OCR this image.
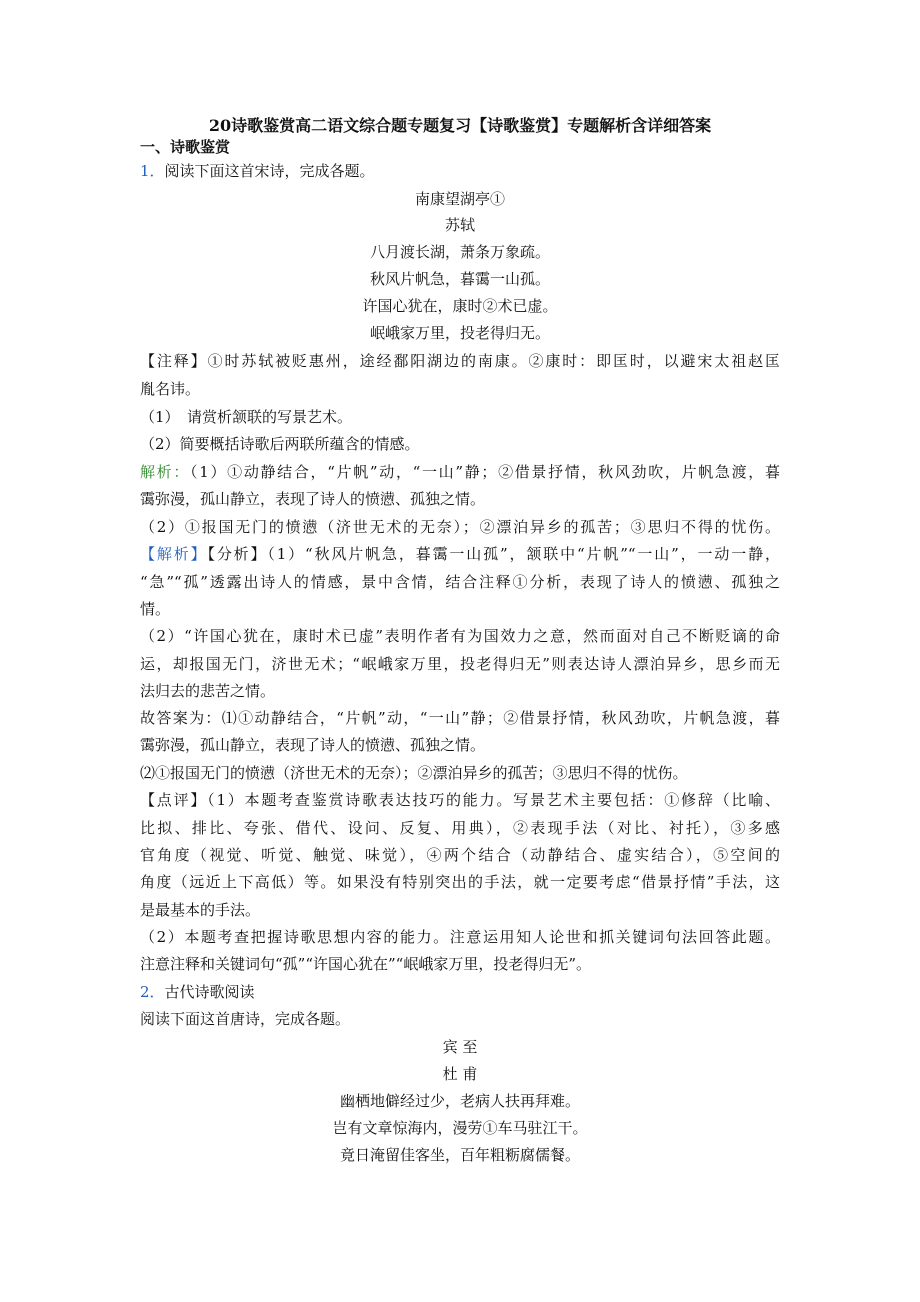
20诗歌鉴赏高二语文综合题专题复习【诗歌鉴赏】专题解析含详细答案
一、诗歌鉴赏
1．阅读下面这首宋诗，完成各题。
南康望湖亭①
苏轼
八月渡长湖，萧条万象疏。
秋风片帆急，暮霭一山孤。
许国心犹在，康时②术已虚。
岷峨家万里，投老得归无。
【注释】①时苏轼被贬惠州，途经鄱阳湖边的南康。②康时：即匡时，以避宋太祖赵匡
胤名讳。
（1）　请赏析颔联的写景艺术。
（2）简要概括诗歌后两联所蕴含的情感。
解析：（1）①动静结合，“片帆”动，“一山”静；②借景抒情，秋风劲吹，片帆急渡，暮
霭弥漫，孤山静立，表现了诗人的愤懑、孤独之情。
（2）①报国无门的愤懑（济世无术的无奈）；②漂泊异乡的孤苦；③思归不得的忧伤。
【解析】【分析】（1）“秋风片帆急，暮霭一山孤”，颔联中“片帆”“一山”，一动一静，
“急”“孤”透露出诗人的情感，景中含情，结合注释①分析，表现了诗人的愤懑、孤独之
情。
（2）“许国心犹在，康时术已虚”表明作者有为国效力之意，然而面对自己不断贬谪的命
运，却报国无门，济世无术；“岷峨家万里，投老得归无”则表达诗人漂泊异乡，思乡而无
法归去的悲苦之情。
故答案为：⑴①动静结合，“片帆”动，“一山”静；②借景抒情，秋风劲吹，片帆急渡，暮
霭弥漫，孤山静立，表现了诗人的愤懑、孤独之情。
⑵①报国无门的愤懑（济世无术的无奈）；②漂泊异乡的孤苦；③思归不得的忧伤。
【点评】（1）本题考查鉴赏诗歌表达技巧的能力。写景艺术主要包括：①修辞（比喻、
比拟、排比、夸张、借代、设问、反复、用典），②表现手法（对比、衬托），③多感
官角度（视觉、听觉、触觉、味觉），④两个结合（动静结合、虚实结合），⑤空间的
角度（远近上下高低）等。如果没有特别突出的手法，就一定要考虑“借景抒情”手法，这
是最基本的手法。
（2）本题考查把握诗歌思想内容的能力。注意运用知人论世和抓关键词句法回答此题。
注意注释和关键词句“孤”“许国心犹在”“岷峨家万里，投老得归无”。
2．古代诗歌阅读
阅读下面这首唐诗，完成各题。
宾 至
杜 甫
幽栖地僻经过少，老病人扶再拜难。
岂有文章惊海内，漫劳①车马驻江干。
竟日淹留佳客坐，百年粗粝腐儒餐。
